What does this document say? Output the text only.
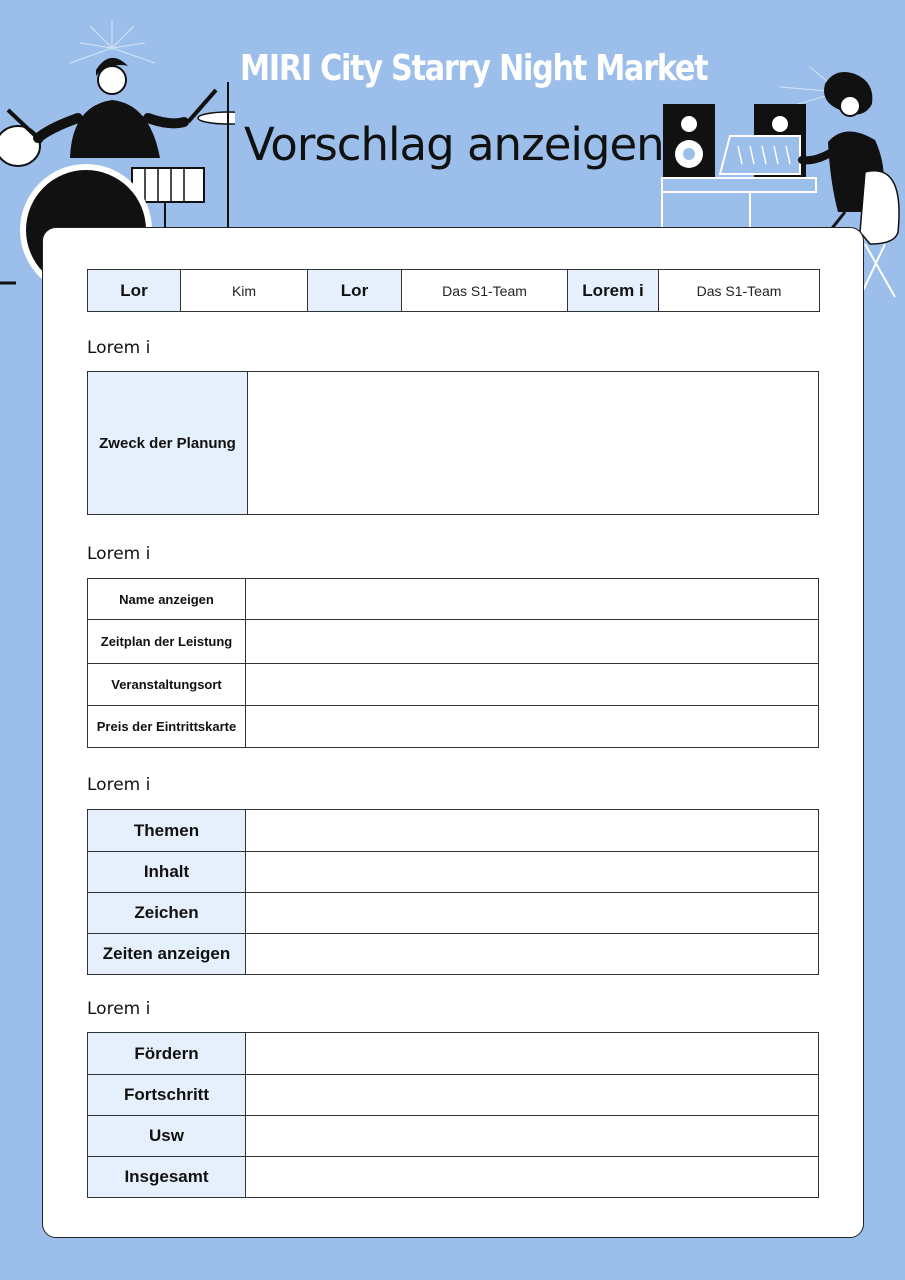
MIRI City Starry Night Market
Vorschlag anzeigen
Lor	Kim	Lor	Das S1-Team	Lorem i	Das S1-Team
Lorem i
Zweck der Planung	
Lorem i
Name anzeigen	
Zeitplan der Leistung	
Veranstaltungsort	
Preis der Eintrittskarte	
Lorem i
Themen	
Inhalt	
Zeichen	
Zeiten anzeigen	
Lorem i
Fördern	
Fortschritt	
Usw	
Insgesamt	
